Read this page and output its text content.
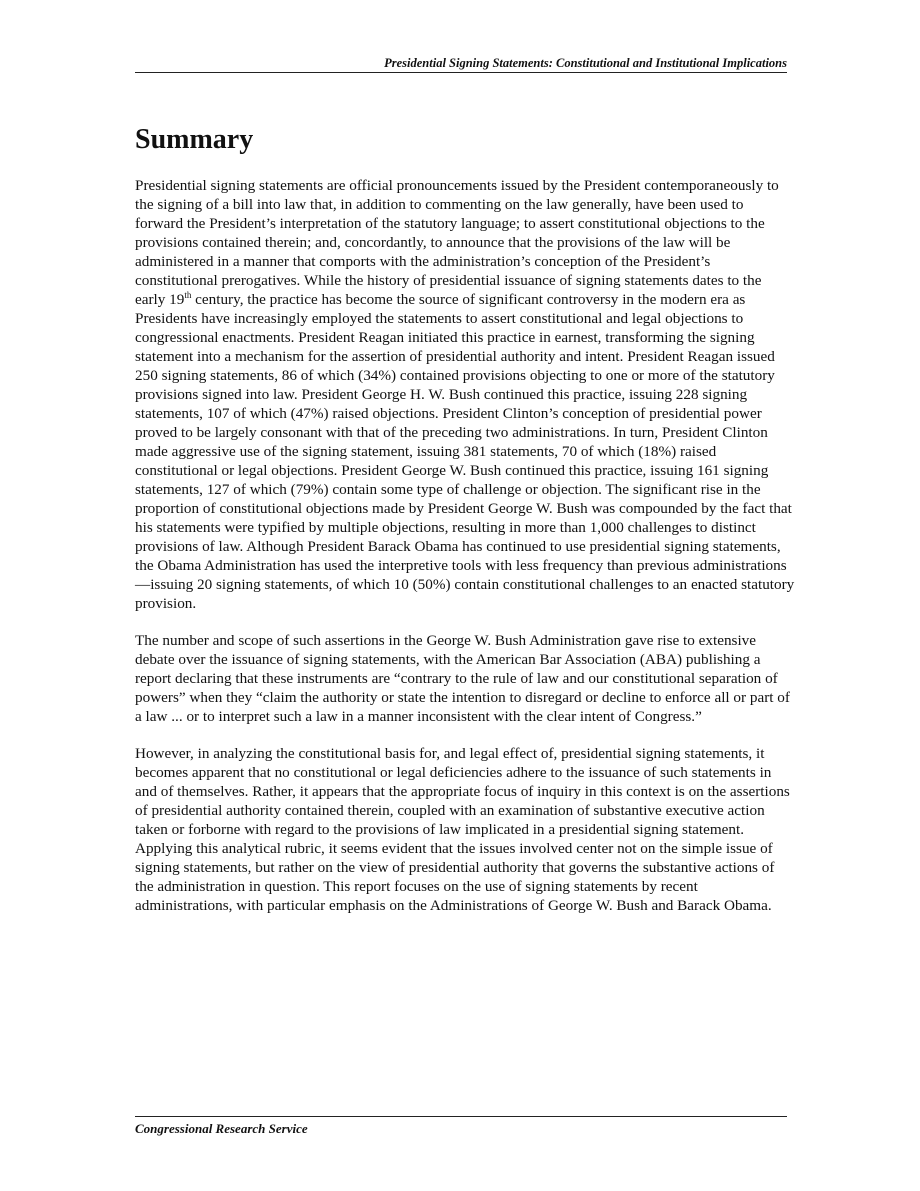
Presidential Signing Statements: Constitutional and Institutional Implications
Summary

Presidential signing statements are official pronouncements issued by the President contemporaneously to the signing of a bill into law that, in addition to commenting on the law generally, have been used to forward the President’s interpretation of the statutory language; to assert constitutional objections to the provisions contained therein; and, concordantly, to announce that the provisions of the law will be administered in a manner that comports with the administration’s conception of the President’s constitutional prerogatives. While the history of presidential issuance of signing statements dates to the early 19th century, the practice has become the source of significant controversy in the modern era as Presidents have increasingly employed the statements to assert constitutional and legal objections to congressional enactments. President Reagan initiated this practice in earnest, transforming the signing statement into a mechanism for the assertion of presidential authority and intent. President Reagan issued 250 signing statements, 86 of which (34%) contained provisions objecting to one or more of the statutory provisions signed into law. President George H. W. Bush continued this practice, issuing 228 signing statements, 107 of which (47%) raised objections. President Clinton’s conception of presidential power proved to be largely consonant with that of the preceding two administrations. In turn, President Clinton made aggressive use of the signing statement, issuing 381 statements, 70 of which (18%) raised constitutional or legal objections. President George W. Bush continued this practice, issuing 161 signing statements, 127 of which (79%) contain some type of challenge or objection. The significant rise in the proportion of constitutional objections made by President George W. Bush was compounded by the fact that his statements were typified by multiple objections, resulting in more than 1,000 challenges to distinct provisions of law. Although President Barack Obama has continued to use presidential signing statements, the Obama Administration has used the interpretive tools with less frequency than previous administrations—issuing 20 signing statements, of which 10 (50%) contain constitutional challenges to an enacted statutory provision.

The number and scope of such assertions in the George W. Bush Administration gave rise to extensive debate over the issuance of signing statements, with the American Bar Association (ABA) publishing a report declaring that these instruments are “contrary to the rule of law and our constitutional separation of powers” when they “claim the authority or state the intention to disregard or decline to enforce all or part of a law ... or to interpret such a law in a manner inconsistent with the clear intent of Congress.”

However, in analyzing the constitutional basis for, and legal effect of, presidential signing statements, it becomes apparent that no constitutional or legal deficiencies adhere to the issuance of such statements in and of themselves. Rather, it appears that the appropriate focus of inquiry in this context is on the assertions of presidential authority contained therein, coupled with an examination of substantive executive action taken or forborne with regard to the provisions of law implicated in a presidential signing statement. Applying this analytical rubric, it seems evident that the issues involved center not on the simple issue of signing statements, but rather on the view of presidential authority that governs the substantive actions of the administration in question. This report focuses on the use of signing statements by recent administrations, with particular emphasis on the Administrations of George W. Bush and Barack Obama.

Congressional Research Service
